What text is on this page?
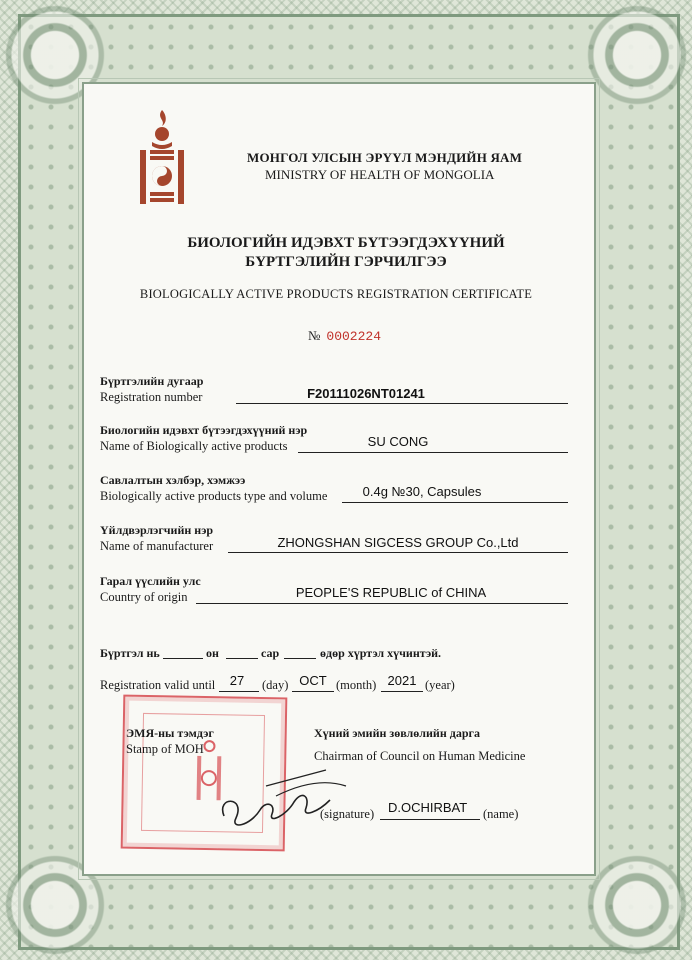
МОНГОЛ УЛСЫН ЭРҮҮЛ МЭНДИЙН ЯАМ
MINISTRY OF HEALTH OF MONGOLIA
БИОЛОГИЙН ИДЭВХТ БҮТЭЭГДЭХҮҮНИЙ
БҮРТГЭЛИЙН ГЭРЧИЛГЭЭ
BIOLOGICALLY ACTIVE PRODUCTS REGISTRATION CERTIFICATE
№ 0002224
Бүртгэлийн дугаар
Registration number	F20111026NT01241
Биологийн идэвхт бүтээгдэхүүний нэр
Name of Biologically active products	SU CONG
Савлалтын хэлбэр, хэмжээ
Biologically active products type and volume	0.4g №30, Capsules
Үйлдвэрлэгчийн нэр
Name of manufacturer	ZHONGSHAN SIGCESS GROUP Co.,Ltd
Гарал үүслийн улс
Country of origin	PEOPLE'S REPUBLIC of CHINA
Бүртгэл нь	он	сар	өдөр хүртэл хүчинтэй.
Registration valid until	27	(day) OCT (month) 2021 (year)
ЭМЯ-ны тэмдэг
Stamp of MOH
Хүний эмийн зөвлөлийн дарга
Chairman of Council on Human Medicine
(signature) D.OCHIRBAT (name)
